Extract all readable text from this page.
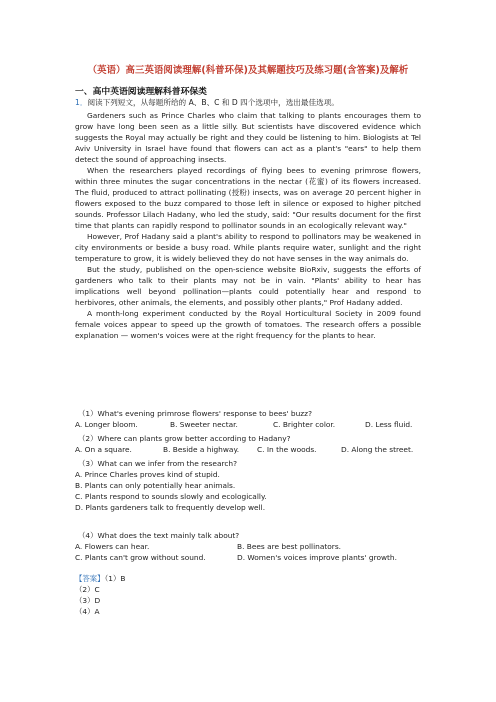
（英语）高三英语阅读理解(科普环保)及其解题技巧及练习题(含答案)及解析
一、高中英语阅读理解科普环保类
1．阅读下列短文，从每题所给的 A、B、C 和 D 四个选项中，选出最佳选项。

Gardeners such as Prince Charles who claim that talking to plants encourages them to grow have long been seen as a little silly. But scientists have discovered evidence which suggests the Royal may actually be right and they could be listening to him. Biologists at Tel Aviv University in Israel have found that flowers can act as a plant's "ears" to help them detect the sound of approaching insects.

When the researchers played recordings of flying bees to evening primrose flowers, within three minutes the sugar concentrations in the nectar (花蜜) of its flowers increased. The fluid, produced to attract pollinating (授粉) insects, was on average 20 percent higher in flowers exposed to the buzz compared to those left in silence or exposed to higher pitched sounds. Professor Lilach Hadany, who led the study, said: "Our results document for the first time that plants can rapidly respond to pollinator sounds in an ecologically relevant way."

However, Prof Hadany said a plant's ability to respond to pollinators may be weakened in city environments or beside a busy road. While plants require water, sunlight and the right temperature to grow, it is widely believed they do not have senses in the way animals do.

But the study, published on the open-science website BioRxiv, suggests the efforts of gardeners who talk to their plants may not be in vain. "Plants' ability to hear has implications well beyond pollination—plants could potentially hear and respond to herbivores, other animals, the elements, and possibly other plants," Prof Hadany added.

A month-long experiment conducted by the Royal Horticultural Society in 2009 found female voices appear to speed up the growth of tomatoes. The research offers a possible explanation — women's voices were at the right frequency for the plants to hear.

（1）What's evening primrose flowers' response to bees' buzz?
A. Longer bloom.	B. Sweeter nectar.	C. Brighter color.	D. Less fluid.
（2）Where can plants grow better according to Hadany?
A. On a square.	B. Beside a highway. C. In the woods.	D. Along the street.
（3）What can we infer from the research?
A. Prince Charles proves kind of stupid.
B. Plants can only potentially hear animals.
C. Plants respond to sounds slowly and ecologically.
D. Plants gardeners talk to frequently develop well.
（4）What does the text mainly talk about?
A. Flowers can hear.	B. Bees are best pollinators.
C. Plants can't grow without sound.	D. Women's voices improve plants' growth.
【答案】（1）B
（2）C
（3）D
（4）A
